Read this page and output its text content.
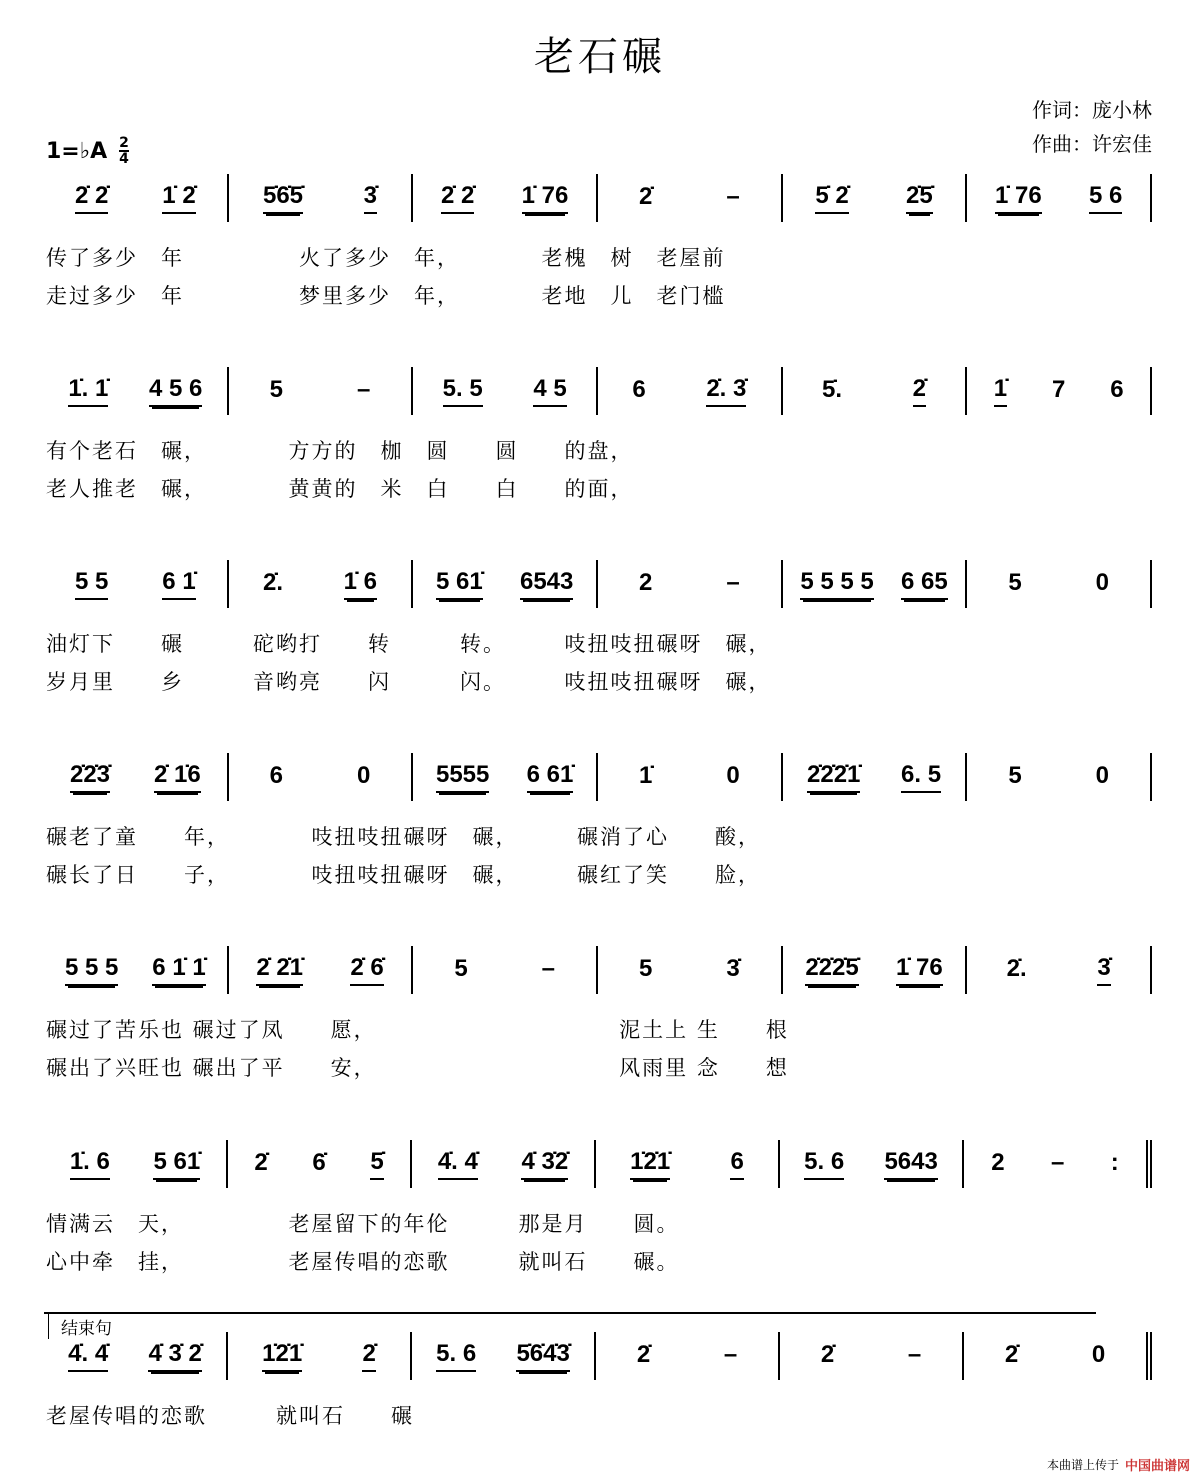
老石碾
作词：庞小林
作曲：许宏佳
1=♭A 2
4
结束句
本曲谱上传于 中国曲谱网
2̇ 2̇ 1̇ 2̇	5̇6̇5̇	3̇	2̇ 2̇ 1̇ 76	2̇	–	5̇ 2̇ 2̇5̇	1̇ 76 5 6
传了多少　年　　　　　火了多少　年，　　　　老槐　树　老屋前
走过多少　年　　　　　梦里多少　年，　　　　老地　儿　老门槛
1̇. 1̇ 4 5 6	5	–	5. 5 4 5	6	2̇. 3̇	5̇.	2̇	1̇ 7 6
有个老石　碾，　　　　方方的　枷　圆　　圆　　的盘，
老人推老　碾，　　　　黄黄的　米　白　　白　　的面，
5 5 6 1̇	2̇.	1̇ 6 5 61̇ 6543	2	–	5 5 5 5 6 65	5	0
油灯下　　碾　　　砣哟打　　转　　　转。　　　吱扭吱扭碾呀　碾，
岁月里　　乡　　　音哟亮　　闪　　　闪。　　　吱扭吱扭碾呀　碾，
2̇2̇3̇ 2̇ 1̇6	6	0	5555 6 61̇	1̇	0	2̇2̇2̇1̇ 6. 5	5	0
碾老了童　　年，　　　　吱扭吱扭碾呀　碾，　　　碾消了心　　酸，
碾长了日　　子，　　　　吱扭吱扭碾呀　碾，　　　碾红了笑　　脸，
5 5 5 6 1̇ 1̇ 2̇ 2̇1̇ 2̇ 6̇	5	–	5	3̇	2̇2̇2̇5̇ 1̇ 76	2̇.	3̇
碾过了苦乐也 碾过了凤　　愿，　　　　　　　　　　　泥土上 生　　根
碾出了兴旺也 碾出了平　　安，　　　　　　　　　　　风雨里 念　　想
1̇. 6 5 61̇ 2̇ 6̇ 5̇ 4̇. 4̇ 4̇ 3̇2̇	1̇2̇1̇	6	5. 6 5643 2 – :
情满云　天，　　　　　老屋留下的年伦　　　那是月　　圆。
心中牵　挂，　　　　　老屋传唱的恋歌　　　就叫石　　碾。
4̇. 4̇ 4̇ 3̇ 2̇	1̇2̇1̇	2̇	5. 6 5̇6̇4̇3̇	2̇	–	2̇	–	2̇	0
老屋传唱的恋歌　　　就叫石　　碾
